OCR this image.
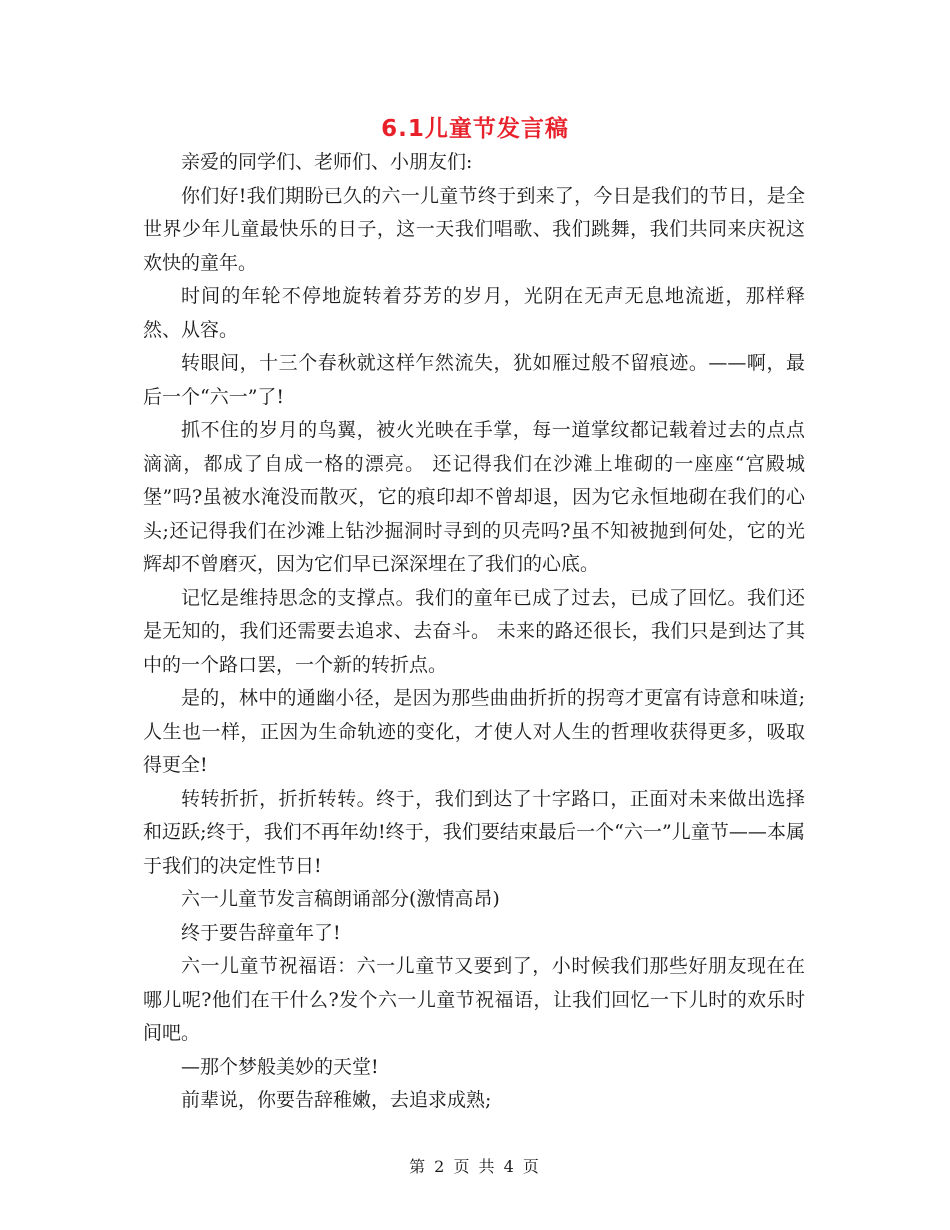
6.1儿童节发言稿

亲爱的同学们、老师们、小朋友们:

你们好!我们期盼已久的六一儿童节终于到来了，今日是我们的节日，是全世界少年儿童最快乐的日子，这一天我们唱歌、我们跳舞，我们共同来庆祝这欢快的童年。

时间的年轮不停地旋转着芬芳的岁月，光阴在无声无息地流逝，那样释然、从容。

转眼间，十三个春秋就这样乍然流失，犹如雁过般不留痕迹。——啊，最后一个“六一”了!

抓不住的岁月的鸟翼，被火光映在手掌，每一道掌纹都记载着过去的点点滴滴，都成了自成一格的漂亮。 还记得我们在沙滩上堆砌的一座座“宫殿城堡”吗?虽被水淹没而散灭，它的痕印却不曾却退，因为它永恒地砌在我们的心头;还记得我们在沙滩上钻沙掘洞时寻到的贝壳吗?虽不知被抛到何处，它的光辉却不曾磨灭，因为它们早已深深埋在了我们的心底。

记忆是维持思念的支撑点。我们的童年已成了过去，已成了回忆。我们还是无知的，我们还需要去追求、去奋斗。 未来的路还很长，我们只是到达了其中的一个路口罢，一个新的转折点。

是的，林中的通幽小径，是因为那些曲曲折折的拐弯才更富有诗意和味道;人生也一样，正因为生命轨迹的变化，才使人对人生的哲理收获得更多，吸取得更全!

转转折折，折折转转。终于，我们到达了十字路口，正面对未来做出选择和迈跃;终于，我们不再年幼!终于，我们要结束最后一个“六一”儿童节——本属于我们的决定性节日!

六一儿童节发言稿朗诵部分(激情高昂)

终于要告辞童年了!

六一儿童节祝福语：六一儿童节又要到了，小时候我们那些好朋友现在在哪儿呢?他们在干什么?发个六一儿童节祝福语，让我们回忆一下儿时的欢乐时间吧。

—那个梦般美妙的天堂!

前辈说，你要告辞稚嫩，去追求成熟;

第 2 页 共 4 页
